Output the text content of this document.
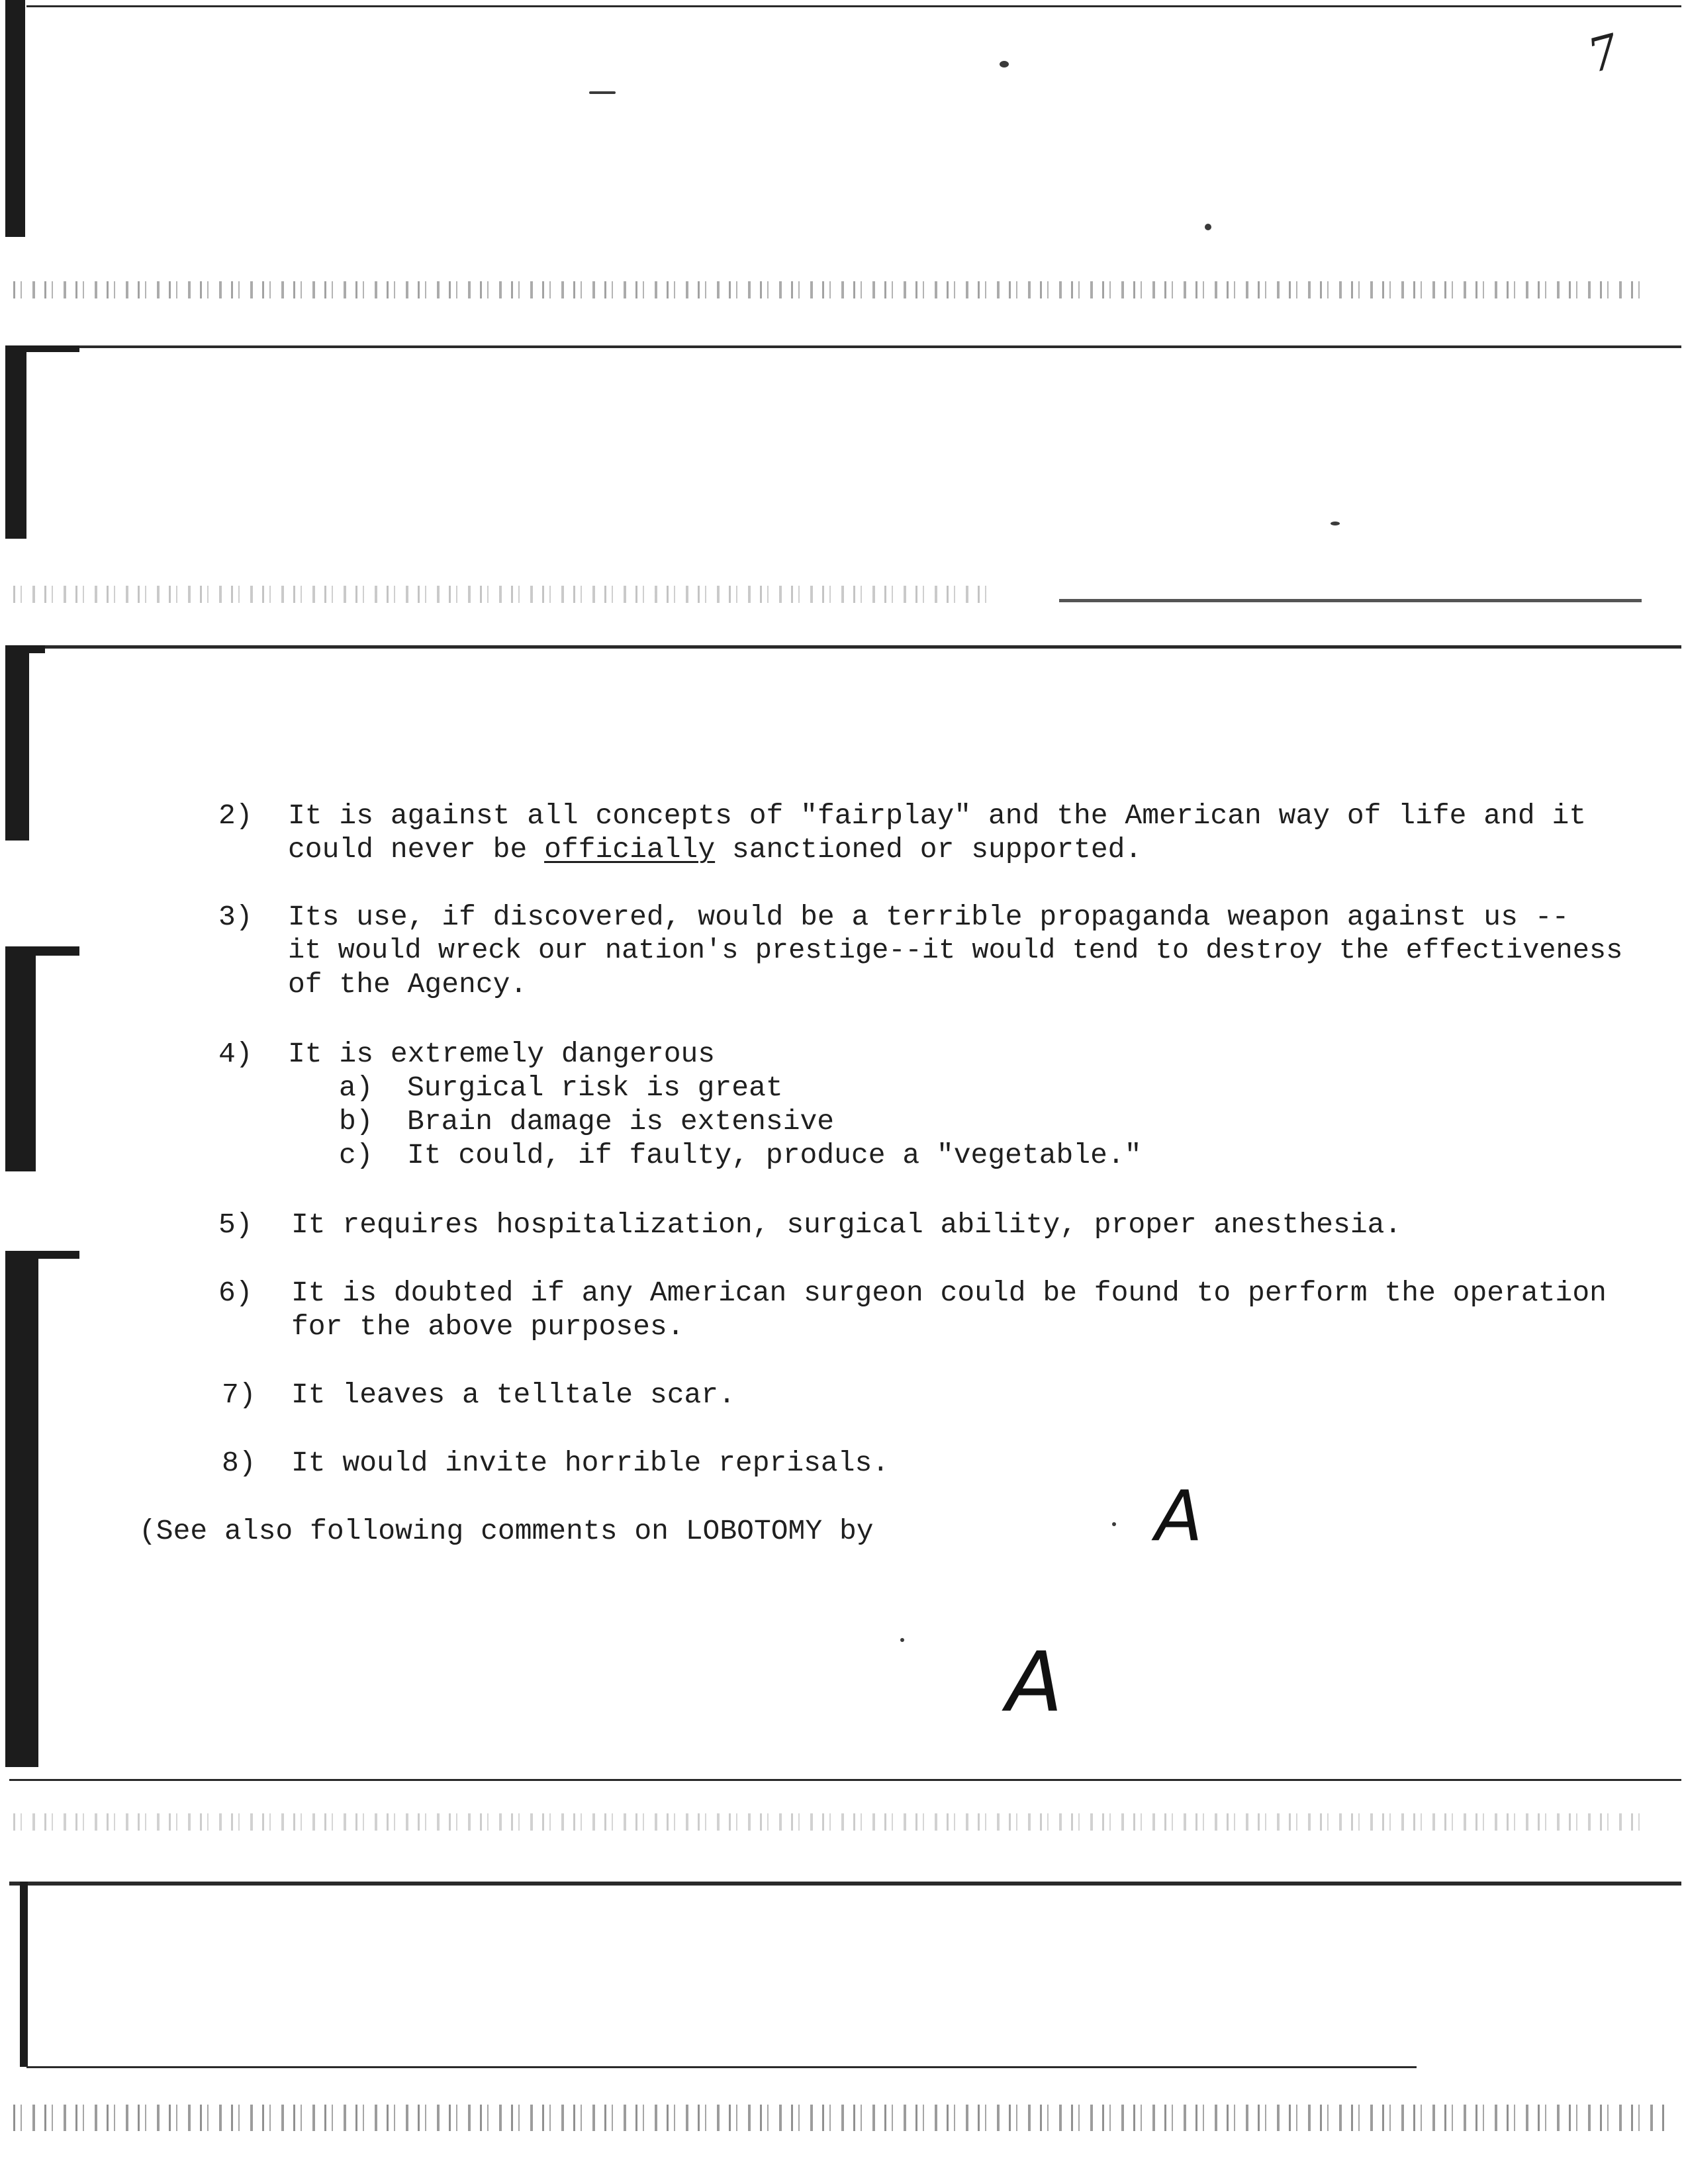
7
2) It is against all concepts of "fairplay" and the American way of life and it
could never be officially sanctioned or supported.
3) Its use, if discovered, would be a terrible propaganda weapon against us --
it would wreck our nation's prestige--it would tend to destroy the effectiveness
of the Agency.
4) It is extremely dangerous
a) Surgical risk is great
b) Brain damage is extensive
c) It could, if faulty, produce a "vegetable."
5) It requires hospitalization, surgical ability, proper anesthesia.
6) It is doubted if any American surgeon could be found to perform the operation
for the above purposes.
7) It leaves a telltale scar.
8) It would invite horrible reprisals.
(See also following comments on LOBOTOMY by	A
A
